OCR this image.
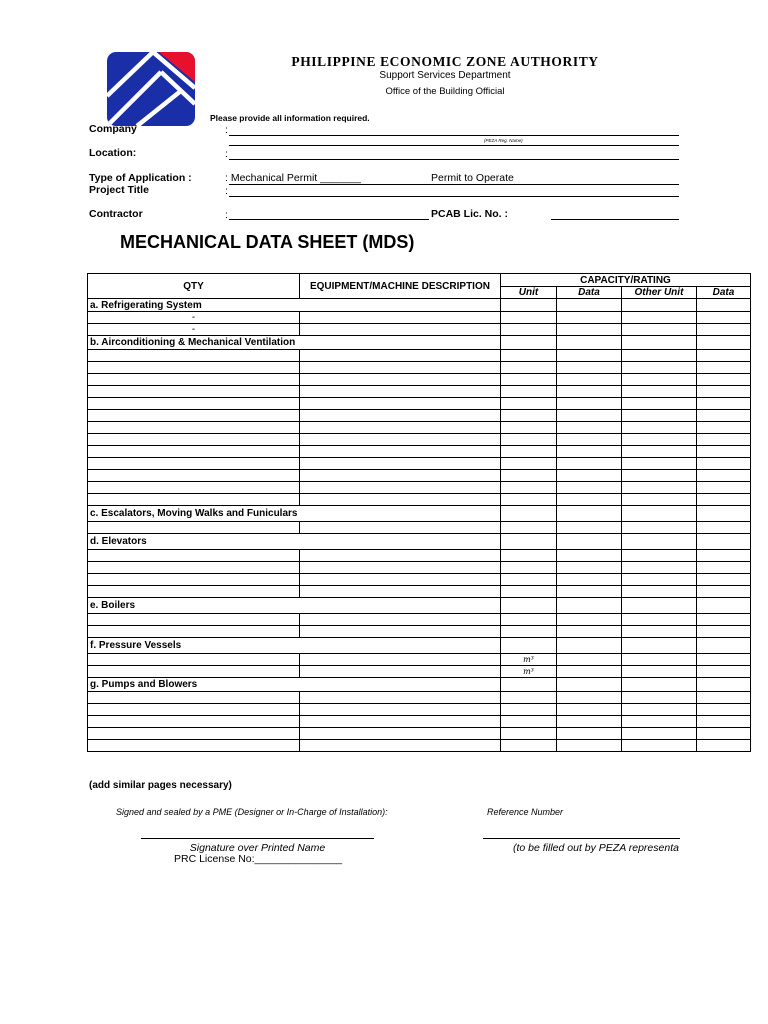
PHILIPPINE ECONOMIC ZONE AUTHORITY
Support Services Department
Office of the Building Official
Please provide all information required.
Company	:
(PEZA Reg. Name)
Location:	:
Type of Application :	: Mechanical Permit _______	Permit to Operate
Project Title	:
Contractor	:	PCAB Lic. No. :
MECHANICAL DATA SHEET (MDS)
QTY	EQUIPMENT/MACHINE DESCRIPTION	CAPACITY/RATING			
		Unit	Data	Other Unit	Data
a. Refrigerating System					
-					
-					
b. Airconditioning & Mechanical Ventilation					

c. Escalators, Moving Walks and Funiculars					

d. Elevators					

e. Boilers					

f. Pressure Vessels					
		m³			
		m³			
g. Pumps and Blowers					

(add similar pages necessary)
Signed and sealed by a PME (Designer or In-Charge of Installation):	Reference Number
Signature over Printed Name	(to be filled out by PEZA representa
PRC License No:_______________
